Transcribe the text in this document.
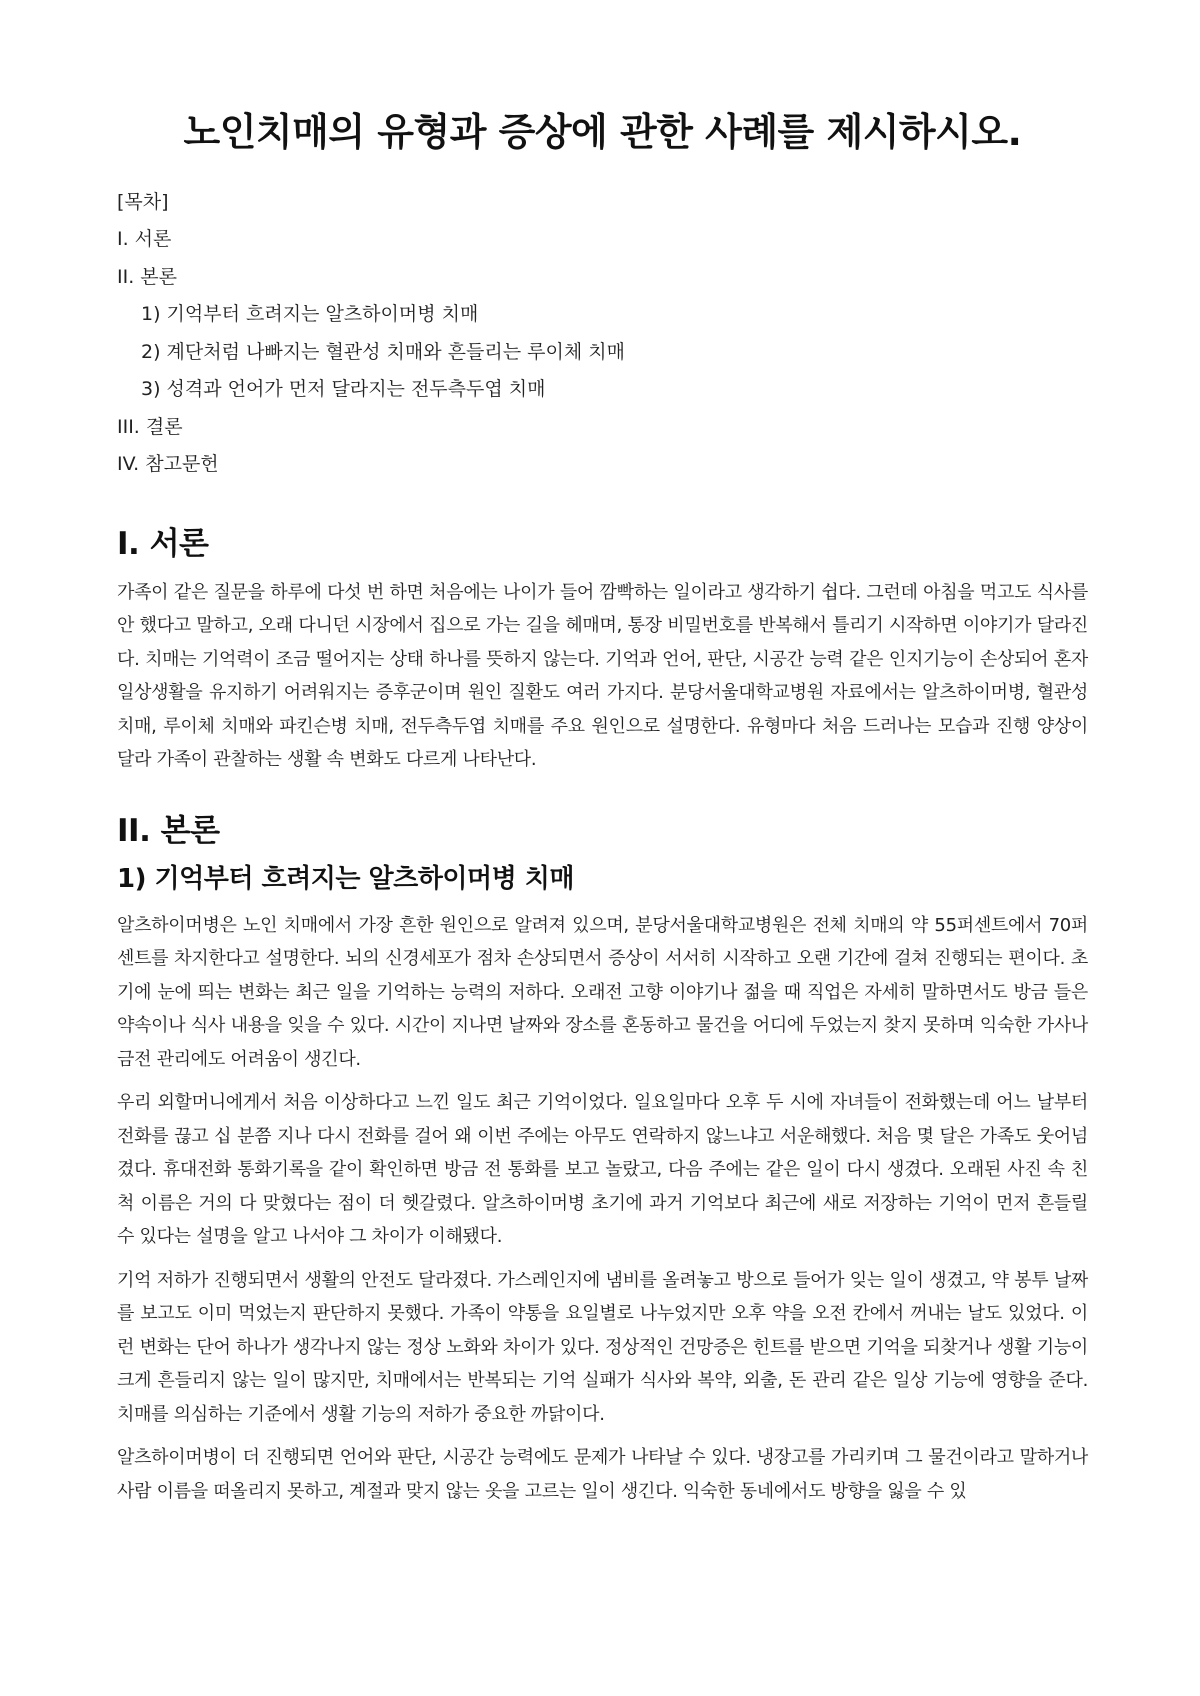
노인치매의 유형과 증상에 관한 사례를 제시하시오.
[목차]
I. 서론
II. 본론
1) 기억부터 흐려지는 알츠하이머병 치매
2) 계단처럼 나빠지는 혈관성 치매와 흔들리는 루이체 치매
3) 성격과 언어가 먼저 달라지는 전두측두엽 치매
III. 결론
IV. 참고문헌
I. 서론

가족이 같은 질문을 하루에 다섯 번 하면 처음에는 나이가 들어 깜빡하는 일이라고 생각하기 쉽다. 그런데 아침을 먹고도 식사를 안 했다고 말하고, 오래 다니던 시장에서 집으로 가는 길을 헤매며, 통장 비밀번호를 반복해서 틀리기 시작하면 이야기가 달라진다. 치매는 기억력이 조금 떨어지는 상태 하나를 뜻하지 않는다. 기억과 언어, 판단, 시공간 능력 같은 인지기능이 손상되어 혼자 일상생활을 유지하기 어려워지는 증후군이며 원인 질환도 여러 가지다. 분당서울대학교병원 자료에서는 알츠하이머병, 혈관성 치매, 루이체 치매와 파킨슨병 치매, 전두측두엽 치매를 주요 원인으로 설명한다. 유형마다 처음 드러나는 모습과 진행 양상이 달라 가족이 관찰하는 생활 속 변화도 다르게 나타난다.

II. 본론
1) 기억부터 흐려지는 알츠하이머병 치매

알츠하이머병은 노인 치매에서 가장 흔한 원인으로 알려져 있으며, 분당서울대학교병원은 전체 치매의 약 55퍼센트에서 70퍼센트를 차지한다고 설명한다. 뇌의 신경세포가 점차 손상되면서 증상이 서서히 시작하고 오랜 기간에 걸쳐 진행되는 편이다. 초기에 눈에 띄는 변화는 최근 일을 기억하는 능력의 저하다. 오래전 고향 이야기나 젊을 때 직업은 자세히 말하면서도 방금 들은 약속이나 식사 내용을 잊을 수 있다. 시간이 지나면 날짜와 장소를 혼동하고 물건을 어디에 두었는지 찾지 못하며 익숙한 가사나 금전 관리에도 어려움이 생긴다.

우리 외할머니에게서 처음 이상하다고 느낀 일도 최근 기억이었다. 일요일마다 오후 두 시에 자녀들이 전화했는데 어느 날부터 전화를 끊고 십 분쯤 지나 다시 전화를 걸어 왜 이번 주에는 아무도 연락하지 않느냐고 서운해했다. 처음 몇 달은 가족도 웃어넘겼다. 휴대전화 통화기록을 같이 확인하면 방금 전 통화를 보고 놀랐고, 다음 주에는 같은 일이 다시 생겼다. 오래된 사진 속 친척 이름은 거의 다 맞혔다는 점이 더 헷갈렸다. 알츠하이머병 초기에 과거 기억보다 최근에 새로 저장하는 기억이 먼저 흔들릴 수 있다는 설명을 알고 나서야 그 차이가 이해됐다.

기억 저하가 진행되면서 생활의 안전도 달라졌다. 가스레인지에 냄비를 올려놓고 방으로 들어가 잊는 일이 생겼고, 약 봉투 날짜를 보고도 이미 먹었는지 판단하지 못했다. 가족이 약통을 요일별로 나누었지만 오후 약을 오전 칸에서 꺼내는 날도 있었다. 이런 변화는 단어 하나가 생각나지 않는 정상 노화와 차이가 있다. 정상적인 건망증은 힌트를 받으면 기억을 되찾거나 생활 기능이 크게 흔들리지 않는 일이 많지만, 치매에서는 반복되는 기억 실패가 식사와 복약, 외출, 돈 관리 같은 일상 기능에 영향을 준다. 치매를 의심하는 기준에서 생활 기능의 저하가 중요한 까닭이다.

알츠하이머병이 더 진행되면 언어와 판단, 시공간 능력에도 문제가 나타날 수 있다. 냉장고를 가리키며 그 물건이라고 말하거나 사람 이름을 떠올리지 못하고, 계절과 맞지 않는 옷을 고르는 일이 생긴다. 익숙한 동네에서도 방향을 잃을 수 있
